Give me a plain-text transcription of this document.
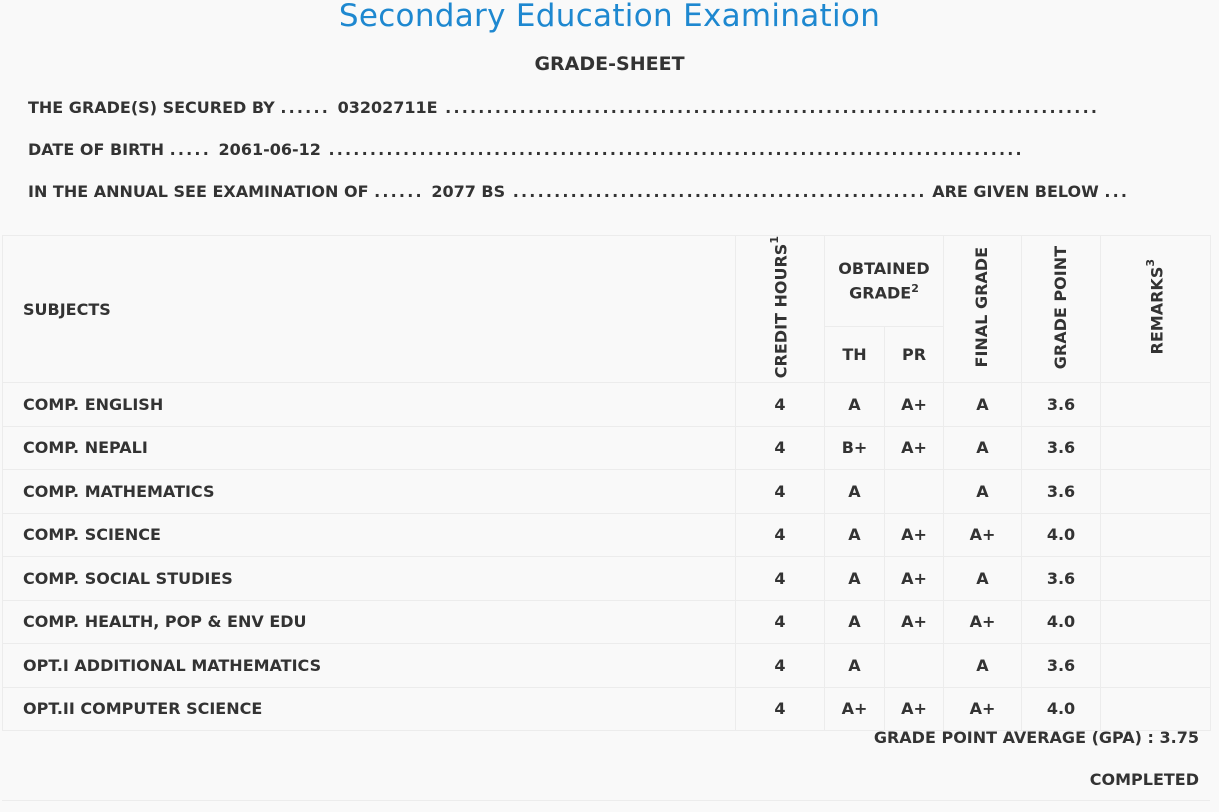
Secondary Education Examination
GRADE-SHEET
THE GRADE(S) SECURED BY ...... 03202711E ...............................................................................
DATE OF BIRTH ..... 2061-06-12 ....................................................................................
IN THE ANNUAL SEE EXAMINATION OF ...... 2077 BS .................................................. ARE GIVEN BELOW ...
SUBJECTS	CREDIT HOURS$^1$	OBTAINED GRADE$^2$		FINAL GRADE	GRADE POINT	REMARKS$^3$
		TH	PR			
COMP. ENGLISH	4	A	A+	A	3.6	
COMP. NEPALI	4	B+	A+	A	3.6	
COMP. MATHEMATICS	4	A		A	3.6	
COMP. SCIENCE	4	A	A+	A+	4.0	
COMP. SOCIAL STUDIES	4	A	A+	A	3.6	
COMP. HEALTH, POP & ENV EDU	4	A	A+	A+	4.0	
OPT.I ADDITIONAL MATHEMATICS	4	A		A	3.6	
OPT.II COMPUTER SCIENCE	4	A+	A+	A+	4.0	
GRADE POINT AVERAGE (GPA) : 3.75
COMPLETED
